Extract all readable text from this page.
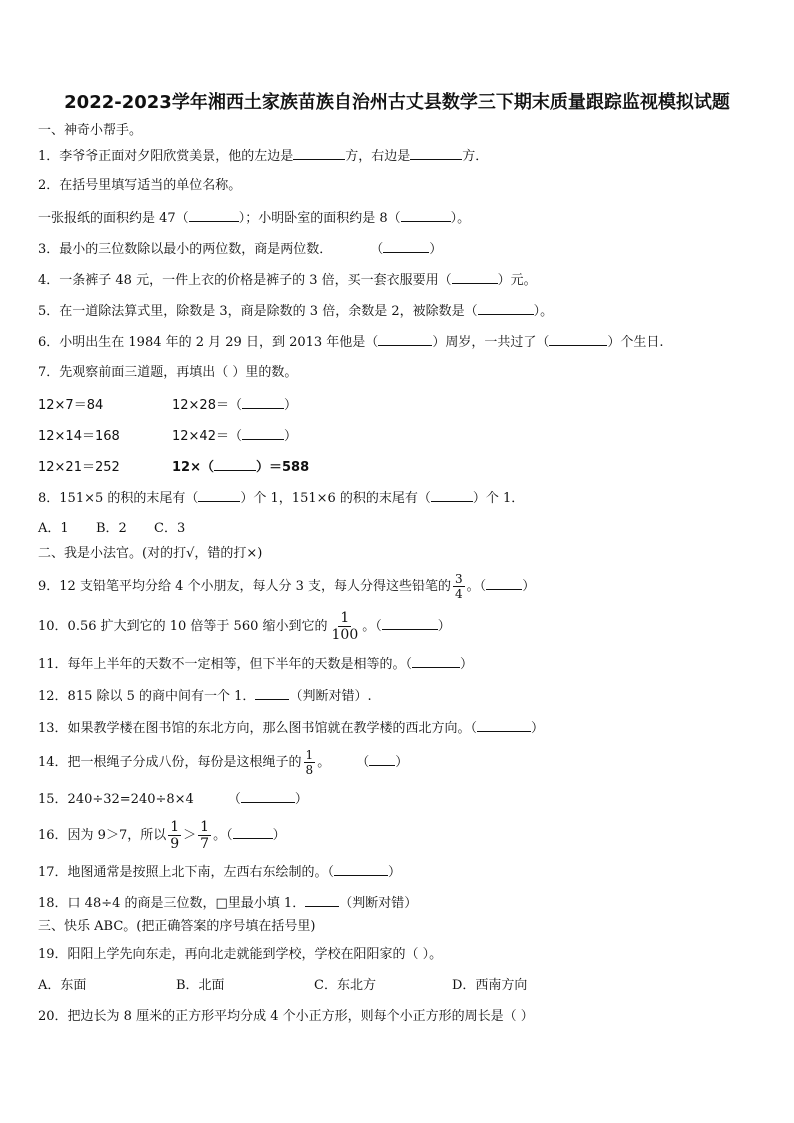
2022-2023学年湘西土家族苗族自治州古丈县数学三下期末质量跟踪监视模拟试题
一、神奇小帮手。
1．李爷爷正面对夕阳欣赏美景，他的左边是	方，右边是	方．
2．在括号里填写适当的单位名称。
一张报纸的面积约是 47（	）；小明卧室的面积约是 8（	）。
3．最小的三位数除以最小的两位数，商是两位数．	（	）
4．一条裤子 48 元，一件上衣的价格是裤子的 3 倍，买一套衣服要用（	）元。
5．在一道除法算式里，除数是 3，商是除数的 3 倍，余数是 2，被除数是（	）。
6．小明出生在 1984 年的 2 月 29 日，到 2013 年他是（	）周岁，一共过了（	）个生日.
7．先观察前面三道题，再填出（ ）里的数。
12×7＝84	12×28＝（	）
12×14＝168	12×42＝（	）
12×21＝252	12×（	）＝588
8．151×5 的积的末尾有（	）个 1，151×6 的积的末尾有（	）个 1．
A．1 B．2 C．3
二、我是小法官。(对的打√，错的打×)
9．12 支铅笔平均分给 4 个小朋友，每人分 3 支，每人分得这些铅笔的 $\frac{3}{4}$ 。（	）
10．0.56 扩大到它的 10 倍等于 560 缩小到它的 $\frac{1}{100}$ 。（	）
11．每年上半年的天数不一定相等，但下半年的天数是相等的。（	）
12．815 除以 5 的商中间有一个 1．	（判断对错）.
13．如果教学楼在图书馆的东北方向，那么图书馆就在教学楼的西北方向。（	）
14．把一根绳子分成八份，每份是这根绳子的 $\frac{1}{8}$ 。 （ ）
15．240÷32=240÷8×4	（	）
16．因为 9＞7，所以 $\frac{1}{9} > \frac{1}{7}$ 。（	）
17．地图通常是按照上北下南，左西右东绘制的。（	）
18．口 48÷4 的商是三位数，□里最小填 1．	（判断对错）
三、快乐 ABC。(把正确答案的序号填在括号里)
19．阳阳上学先向东走，再向北走就能到学校，学校在阳阳家的（ ）。
A．东面	B．北面	C．东北方	D．西南方向
20．把边长为 8 厘米的正方形平均分成 4 个小正方形，则每个小正方形的周长是（ ）
